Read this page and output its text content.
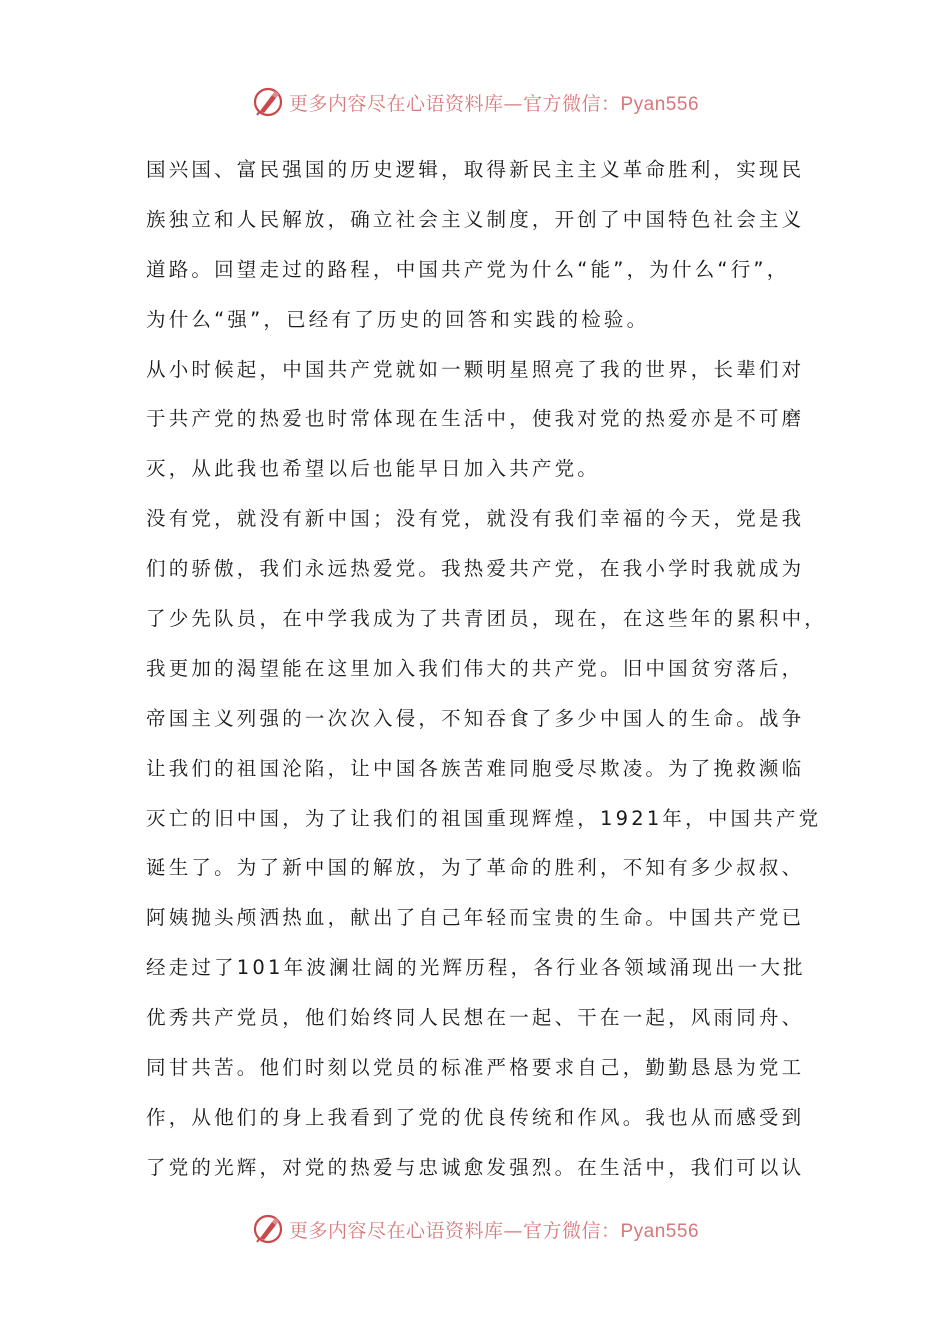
更多内容尽在心语资料库—官方微信：Pyan556
国兴国、富民强国的历史逻辑，取得新民主主义革命胜利，实现民
族独立和人民解放，确立社会主义制度，开创了中国特色社会主义
道路。回望走过的路程，中国共产党为什么“能”，为什么“行”，
为什么“强”，已经有了历史的回答和实践的检验。
从小时候起，中国共产党就如一颗明星照亮了我的世界，长辈们对
于共产党的热爱也时常体现在生活中，使我对党的热爱亦是不可磨
灭，从此我也希望以后也能早日加入共产党。
没有党，就没有新中国；没有党，就没有我们幸福的今天，党是我
们的骄傲，我们永远热爱党。我热爱共产党，在我小学时我就成为
了少先队员，在中学我成为了共青团员，现在，在这些年的累积中，
我更加的渴望能在这里加入我们伟大的共产党。旧中国贫穷落后，
帝国主义列强的一次次入侵，不知吞食了多少中国人的生命。战争
让我们的祖国沦陷，让中国各族苦难同胞受尽欺凌。为了挽救濒临
灭亡的旧中国，为了让我们的祖国重现辉煌，1921年，中国共产党
诞生了。为了新中国的解放，为了革命的胜利，不知有多少叔叔、
阿姨抛头颅洒热血，献出了自己年轻而宝贵的生命。中国共产党已
经走过了101年波澜壮阔的光辉历程，各行业各领域涌现出一大批
优秀共产党员，他们始终同人民想在一起、干在一起，风雨同舟、
同甘共苦。他们时刻以党员的标准严格要求自己，勤勤恳恳为党工
作，从他们的身上我看到了党的优良传统和作风。我也从而感受到
了党的光辉，对党的热爱与忠诚愈发强烈。在生活中，我们可以认
更多内容尽在心语资料库—官方微信：Pyan556
